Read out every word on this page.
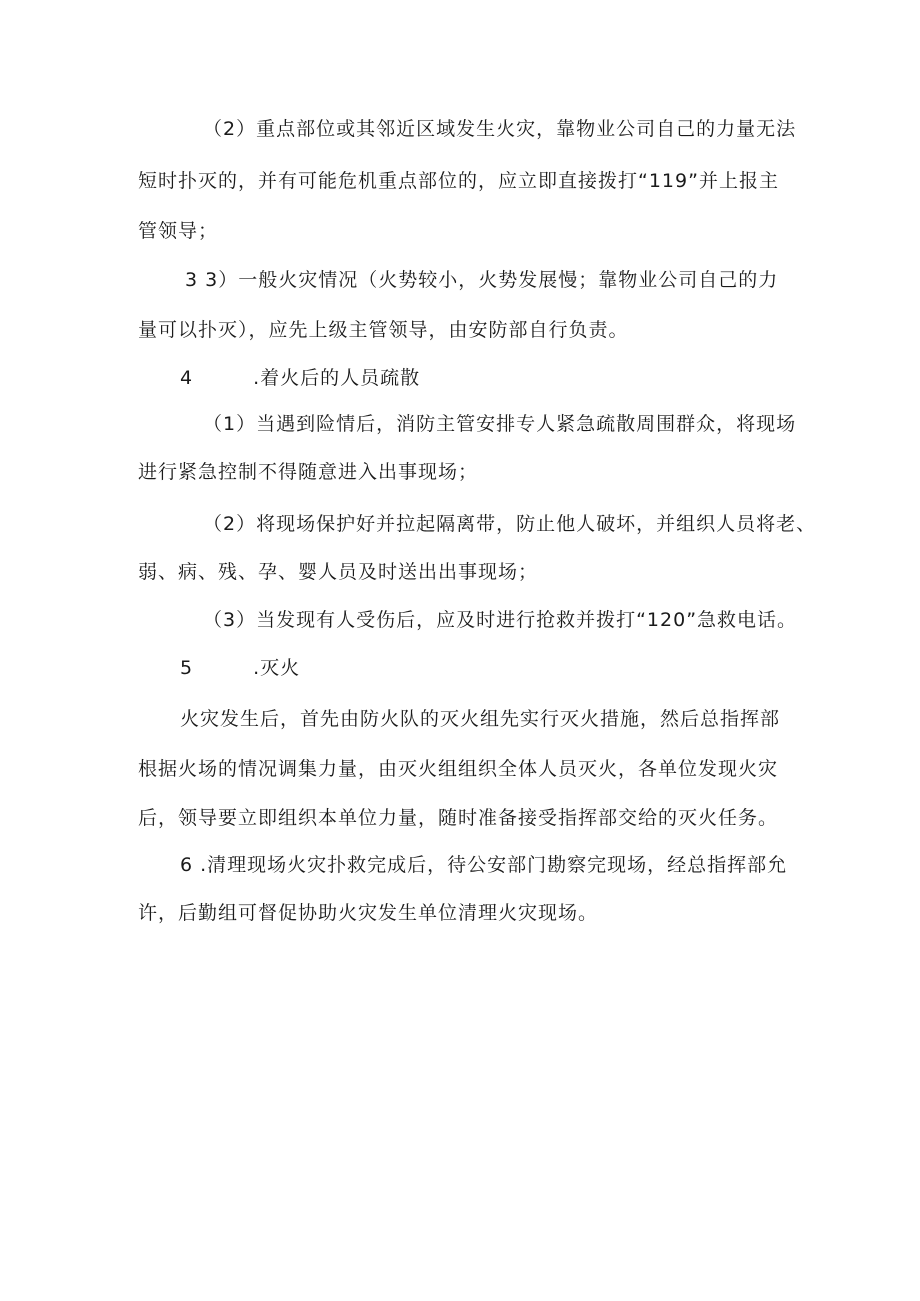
（2）重点部位或其邻近区域发生火灾，靠物业公司自己的力量无法
短时扑灭的，并有可能危机重点部位的，应立即直接拨打“119”并上报主
管领导；
3 3）一般火灾情况（火势较小，火势发展慢；靠物业公司自己的力
量可以扑灭），应先上级主管领导，由安防部自行负责。
4　　　.着火后的人员疏散
（1）当遇到险情后，消防主管安排专人紧急疏散周围群众，将现场
进行紧急控制不得随意进入出事现场；
（2）将现场保护好并拉起隔离带，防止他人破坏，并组织人员将老、
弱、病、残、孕、婴人员及时送出出事现场；
（3）当发现有人受伤后，应及时进行抢救并拨打“120”急救电话。
5　　　.灭火
火灾发生后，首先由防火队的灭火组先实行灭火措施，然后总指挥部
根据火场的情况调集力量，由灭火组组织全体人员灭火，各单位发现火灾
后，领导要立即组织本单位力量，随时准备接受指挥部交给的灭火任务。
6 .清理现场火灾扑救完成后，待公安部门勘察完现场，经总指挥部允
许，后勤组可督促协助火灾发生单位清理火灾现场。
